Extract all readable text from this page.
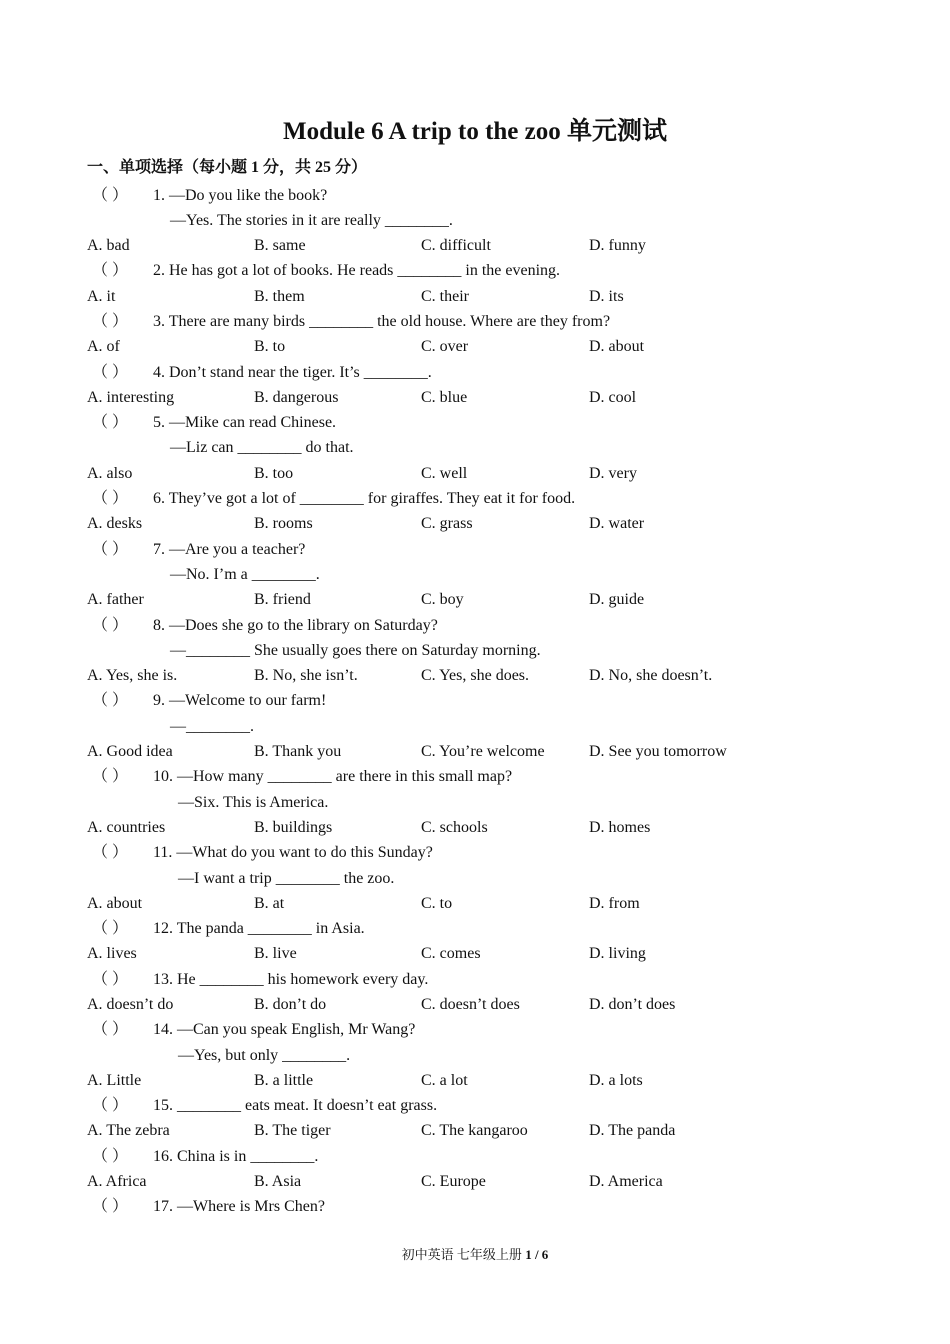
Module 6 A trip to the zoo 单元测试
一、单项选择（每小题 1 分，共 25 分）
（ ） 1. —Do you like the book?
—Yes. The stories in it are really ________.
A. bad	B. same	C. difficult	D. funny
（ ） 2. He has got a lot of books. He reads ________ in the evening.
A. it	B. them	C. their	D. its
（ ） 3. There are many birds ________ the old house. Where are they from?
A. of	B. to	C. over	D. about
（ ） 4. Don’t stand near the tiger. It’s ________.
A. interesting	B. dangerous	C. blue	D. cool
（ ） 5. —Mike can read Chinese.
—Liz can ________ do that.
A. also	B. too	C. well	D. very
（ ） 6. They’ve got a lot of ________ for giraffes. They eat it for food.
A. desks	B. rooms	C. grass	D. water
（ ） 7. —Are you a teacher?
—No. I’m a ________.
A. father	B. friend	C. boy	D. guide
（ ） 8. —Does she go to the library on Saturday?
—________ She usually goes there on Saturday morning.
A. Yes, she is.	B. No, she isn’t.	C. Yes, she does.	D. No, she doesn’t.
（ ） 9. —Welcome to our farm!
—________.
A. Good idea	B. Thank you	C. You’re welcome	D. See you tomorrow
（ ） 10. —How many ________ are there in this small map?
—Six. This is America.
A. countries	B. buildings	C. schools	D. homes
（ ） 11. —What do you want to do this Sunday?
—I want a trip ________ the zoo.
A. about	B. at	C. to	D. from
（ ） 12. The panda ________ in Asia.
A. lives	B. live	C. comes	D. living
（ ） 13. He ________ his homework every day.
A. doesn’t do	B. don’t do	C. doesn’t does	D. don’t does
（ ） 14. —Can you speak English, Mr Wang?
—Yes, but only ________.
A. Little	B. a little	C. a lot	D. a lots
（ ） 15. ________ eats meat. It doesn’t eat grass.
A. The zebra	B. The tiger	C. The kangaroo	D. The panda
（ ） 16. China is in ________.
A. Africa	B. Asia	C. Europe	D. America
（ ） 17. —Where is Mrs Chen?
初中英语 七年级上册 1 / 6
